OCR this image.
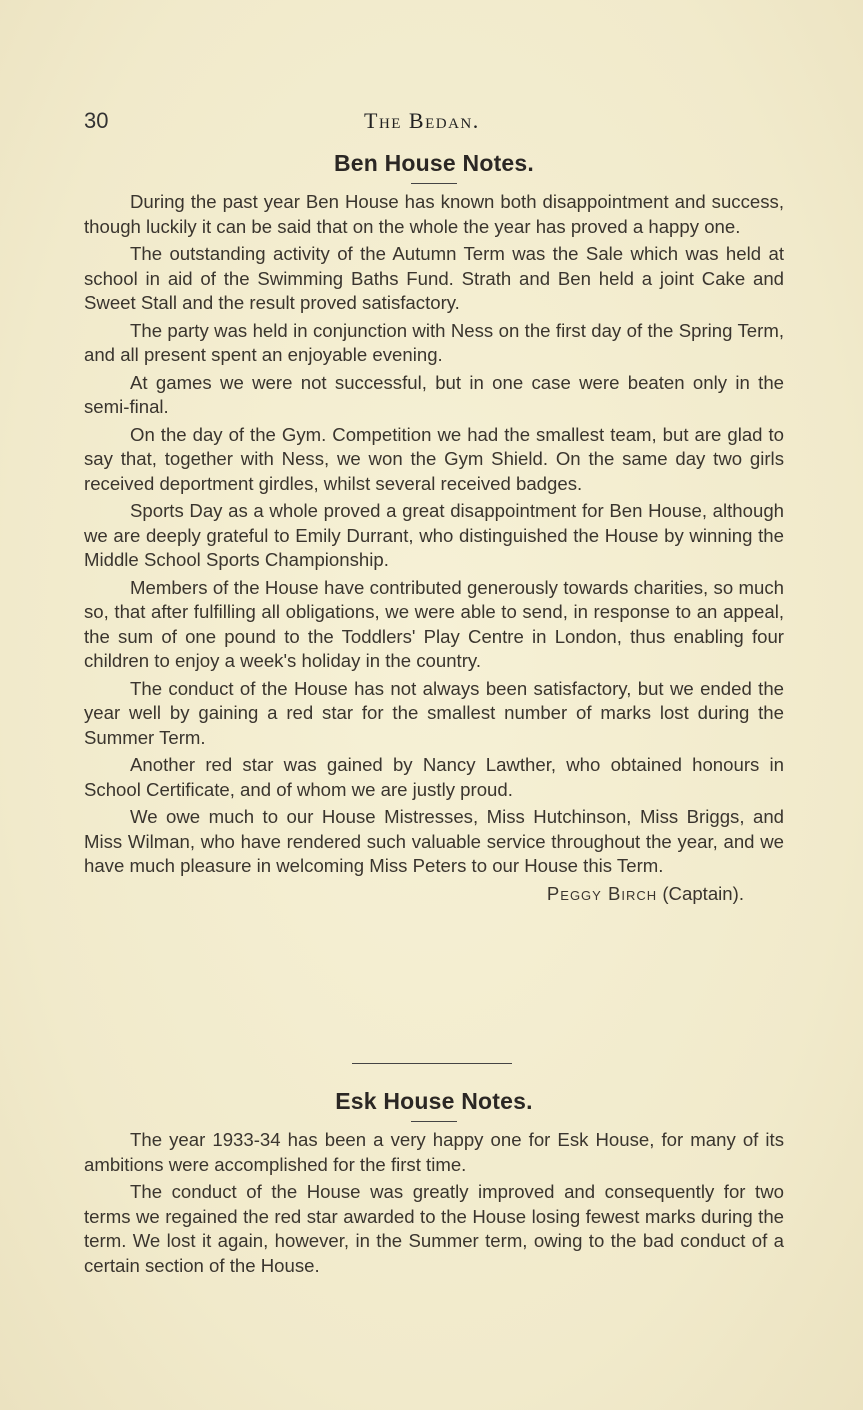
30	The Bedan.
Ben House Notes.

During the past year Ben House has known both disappointment and success, though luckily it can be said that on the whole the year has proved a happy one.

The outstanding activity of the Autumn Term was the Sale which was held at school in aid of the Swimming Baths Fund. Strath and Ben held a joint Cake and Sweet Stall and the result proved satisfactory.

The party was held in conjunction with Ness on the first day of the Spring Term, and all present spent an enjoyable evening.

At games we were not successful, but in one case were beaten only in the semi-final.

On the day of the Gym. Competition we had the smallest team, but are glad to say that, together with Ness, we won the Gym Shield. On the same day two girls received deportment girdles, whilst several received badges.

Sports Day as a whole proved a great disappointment for Ben House, although we are deeply grateful to Emily Durrant, who distinguished the House by winning the Middle School Sports Championship.

Members of the House have contributed generously towards charities, so much so, that after fulfilling all obligations, we were able to send, in response to an appeal, the sum of one pound to the Toddlers' Play Centre in London, thus enabling four children to enjoy a week's holiday in the country.

The conduct of the House has not always been satisfactory, but we ended the year well by gaining a red star for the smallest number of marks lost during the Summer Term.

Another red star was gained by Nancy Lawther, who obtained honours in School Certificate, and of whom we are justly proud.

We owe much to our House Mistresses, Miss Hutchinson, Miss Briggs, and Miss Wilman, who have rendered such valuable service throughout the year, and we have much pleasure in welcoming Miss Peters to our House this Term.

Peggy Birch (Captain).
Esk House Notes.

The year 1933-34 has been a very happy one for Esk House, for many of its ambitions were accomplished for the first time.

The conduct of the House was greatly improved and consequently for two terms we regained the red star awarded to the House losing fewest marks during the term. We lost it again, however, in the Summer term, owing to the bad conduct of a certain section of the House.
